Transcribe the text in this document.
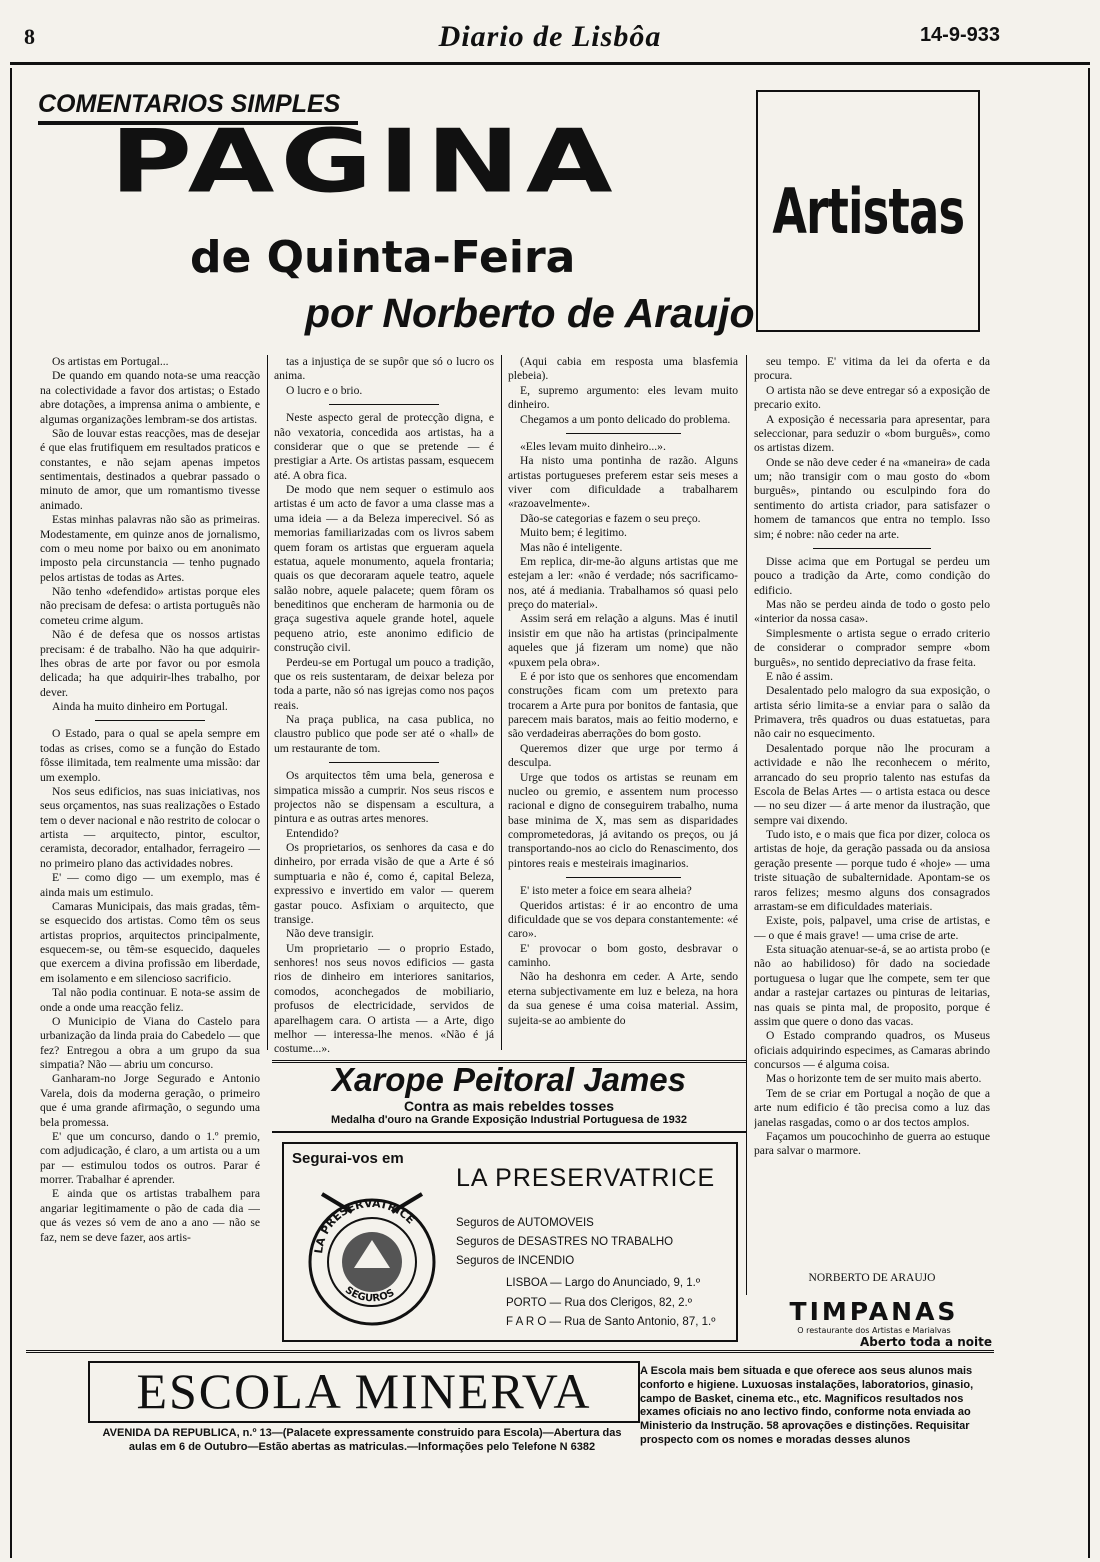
8	Diario de Lisbôa	14-9-933
COMENTARIOS SIMPLES
PAGINA
de Quinta-Feira
por Norberto de Araujo
Artistas

Os artistas em Portugal...

De quando em quando nota-se uma reacção na colectividade a favor dos artistas; o Estado abre dotações, a imprensa anima o ambiente, e algumas organizações lembram-se dos artistas.

São de louvar estas reacções, mas de desejar é que elas frutifiquem em resultados praticos e constantes, e não sejam apenas impetos sentimentais, destinados a quebrar passado o minuto de amor, que um romantismo tivesse animado.

Estas minhas palavras não são as primeiras. Modestamente, em quinze anos de jornalismo, com o meu nome por baixo ou em anonimato imposto pela circunstancia — tenho pugnado pelos artistas de todas as Artes.

Não tenho «defendido» artistas porque eles não precisam de defesa: o artista português não cometeu crime algum.

Não é de defesa que os nossos artistas precisam: é de trabalho. Não ha que adquirir-lhes obras de arte por favor ou por esmola delicada; ha que adquirir-lhes trabalho, por dever.

Ainda ha muito dinheiro em Portugal.

O Estado, para o qual se apela sempre em todas as crises, como se a função do Estado fôsse ilimitada, tem realmente uma missão: dar um exemplo.

Nos seus edificios, nas suas iniciativas, nos seus orçamentos, nas suas realizações o Estado tem o dever nacional e não restrito de colocar o artista — arquitecto, pintor, escultor, ceramista, decorador, entalhador, ferrageiro — no primeiro plano das actividades nobres.

E' — como digo — um exemplo, mas é ainda mais um estimulo.

Camaras Municipais, das mais gradas, têm-se esquecido dos artistas. Como têm os seus artistas proprios, arquitectos principalmente, esquecem-se, ou têm-se esquecido, daqueles que exercem a divina profissão em liberdade, em isolamento e em silencioso sacrificio.

Tal não podia continuar. E nota-se assim de onde a onde uma reacção feliz.

O Municipio de Viana do Castelo para urbanização da linda praia do Cabedelo — que fez? Entregou a obra a um grupo da sua simpatia? Não — abriu um concurso.

Ganharam-no Jorge Segurado e Antonio Varela, dois da moderna geração, o primeiro que é uma grande afirmação, o segundo uma bela promessa.

E' que um concurso, dando o 1.º premio, com adjudicação, é claro, a um artista ou a um par — estimulou todos os outros. Parar é morrer. Trabalhar é aprender.

E ainda que os artistas trabalhem para angariar legitimamente o pão de cada dia — que ás vezes só vem de ano a ano — não se faz, nem se deve fazer, aos artis-

tas a injustiça de se supôr que só o lucro os anima.

O lucro e o brio.

Neste aspecto geral de protecção digna, e não vexatoria, concedida aos artistas, ha a considerar que o que se pretende — é prestigiar a Arte. Os artistas passam, esquecem até. A obra fica.

De modo que nem sequer o estimulo aos artistas é um acto de favor a uma classe mas a uma ideia — a da Beleza imperecivel. Só as memorias familiarizadas com os livros sabem quem foram os artistas que ergueram aquela estatua, aquele monumento, aquela frontaria; quais os que decoraram aquele teatro, aquele salão nobre, aquele palacete; quem fôram os beneditinos que encheram de harmonia ou de graça sugestiva aquele grande hotel, aquele pequeno atrio, este anonimo edificio de construção civil.

Perdeu-se em Portugal um pouco a tradição, que os reis sustentaram, de deixar beleza por toda a parte, não só nas igrejas como nos paços reais.

Na praça publica, na casa publica, no claustro publico que pode ser até o «hall» de um restaurante de tom.

Os arquitectos têm uma bela, generosa e simpatica missão a cumprir. Nos seus riscos e projectos não se dispensam a escultura, a pintura e as outras artes menores.

Entendido?

Os proprietarios, os senhores da casa e do dinheiro, por errada visão de que a Arte é só sumptuaria e não é, como é, capital Beleza, expressivo e invertido em valor — querem gastar pouco. Asfixiam o arquitecto, que transige.

Não deve transigir.

Um proprietario — o proprio Estado, senhores! nos seus novos edificios — gasta rios de dinheiro em interiores sanitarios, comodos, aconchegados de mobiliario, profusos de electricidade, servidos de aparelhagem cara. O artista — a Arte, digo melhor — interessa-lhe menos. «Não é já costume...».

(Aqui cabia em resposta uma blasfemia plebeia).

E, supremo argumento: eles levam muito dinheiro.

Chegamos a um ponto delicado do problema.

«Eles levam muito dinheiro...».

Ha nisto uma pontinha de razão. Alguns artistas portugueses preferem estar seis meses a viver com dificuldade a trabalharem «razoavelmente».

Dão-se categorias e fazem o seu preço.

Muito bem; é legitimo.

Mas não é inteligente.

Em replica, dir-me-ão alguns artistas que me estejam a ler: «não é verdade; nós sacrificamo-nos, até á mediania. Trabalhamos só quasi pelo preço do material».

Assim será em relação a alguns. Mas é inutil insistir em que não ha artistas (principalmente aqueles que já fizeram um nome) que não «puxem pela obra».

E é por isto que os senhores que encomendam construções ficam com um pretexto para trocarem a Arte pura por bonitos de fantasia, que parecem mais baratos, mais ao feitio moderno, e são verdadeiras aberrações do bom gosto.

Queremos dizer que urge por termo á desculpa.

Urge que todos os artistas se reunam em nucleo ou gremio, e assentem num processo racional e digno de conseguirem trabalho, numa base minima de X, mas sem as disparidades comprometedoras, já avitando os preços, ou já transportando-nos ao ciclo do Renascimento, dos pintores reais e mesteirais imaginarios.

E' isto meter a foice em seara alheia?

Queridos artistas: é ir ao encontro de uma dificuldade que se vos depara constantemente: «é caro».

E' provocar o bom gosto, desbravar o caminho.

Não ha deshonra em ceder. A Arte, sendo eterna subjectivamente em luz e beleza, na hora da sua genese é uma coisa material. Assim, sujeita-se ao ambiente do

seu tempo. E' vitima da lei da oferta e da procura.

O artista não se deve entregar só a exposição de precario exito.

A exposição é necessaria para apresentar, para seleccionar, para seduzir o «bom burguês», como os artistas dizem.

Onde se não deve ceder é na «maneira» de cada um; não transigir com o mau gosto do «bom burguês», pintando ou esculpindo fora do sentimento do artista criador, para satisfazer o homem de tamancos que entra no templo. Isso sim; é nobre: não ceder na arte.

Disse acima que em Portugal se perdeu um pouco a tradição da Arte, como condição do edificio.

Mas não se perdeu ainda de todo o gosto pelo «interior da nossa casa».

Simplesmente o artista segue o errado criterio de considerar o comprador sempre «bom burguês», no sentido depreciativo da frase feita.

E não é assim.

Desalentado pelo malogro da sua exposição, o artista sério limita-se a enviar para o salão da Primavera, três quadros ou duas estatuetas, para não cair no esquecimento.

Desalentado porque não lhe procuram a actividade e não lhe reconhecem o mérito, arrancado do seu proprio talento nas estufas da Escola de Belas Artes — o artista estaca ou desce — no seu dizer — á arte menor da ilustração, que sempre vai dixendo.

Tudo isto, e o mais que fica por dizer, coloca os artistas de hoje, da geração passada ou da ansiosa geração presente — porque tudo é «hoje» — uma triste situação de subalternidade. Apontam-se os raros felizes; mesmo alguns dos consagrados arrastam-se em dificuldades materiais.

Existe, pois, palpavel, uma crise de artistas, e — o que é mais grave! — uma crise de arte.

Esta situação atenuar-se-á, se ao artista probo (e não ao habilidoso) fôr dado na sociedade portuguesa o lugar que lhe compete, sem ter que andar a rastejar cartazes ou pinturas de leitarias, nas quais se pinta mal, de proposito, porque é assim que quere o dono das vacas.

O Estado comprando quadros, os Museus oficiais adquirindo especimes, as Camaras abrindo concursos — é alguma coisa.

Mas o horizonte tem de ser muito mais aberto.

Tem de se criar em Portugal a noção de que a arte num edificio é tão precisa como a luz das janelas rasgadas, como o ar dos tectos amplos.

Façamos um poucochinho de guerra ao estuque para salvar o marmore.

NORBERTO DE ARAUJO
Xarope Peitoral James
Contra as mais rebeldes tosses
Medalha d'ouro na Grande Exposição Industrial Portuguesa de 1932
Segurai-vos em
LA PRESERVATRICE
SEGUROS
LA PRESERVATRICE
Seguros de AUTOMOVEIS
Seguros de DESASTRES NO TRABALHO
Seguros de INCENDIO
LISBOA — Largo do Anunciado, 9, 1.º
PORTO — Rua dos Clerigos, 82, 2.º
F A R O — Rua de Santo Antonio, 87, 1.º	TIMPANAS
O restaurante dos Artistas e Marialvas
Aberto toda a noite
ESCOLA MINERVA
AVENIDA DA REPUBLICA, n.º 13—(Palacete expressamente construido para Escola)—Abertura das aulas em 6 de Outubro—Estão abertas as matriculas.—Informações pelo Telefone N 6382
A Escola mais bem situada e que oferece aos seus alunos mais conforto e higiene. Luxuosas instalações, laboratorios, ginasio, campo de Basket, cinema etc., etc. Magnificos resultados nos exames oficiais no ano lectivo findo, conforme nota enviada ao Ministerio da Instrução. 58 aprovações e distinções. Requisitar prospecto com os nomes e moradas desses alunos
